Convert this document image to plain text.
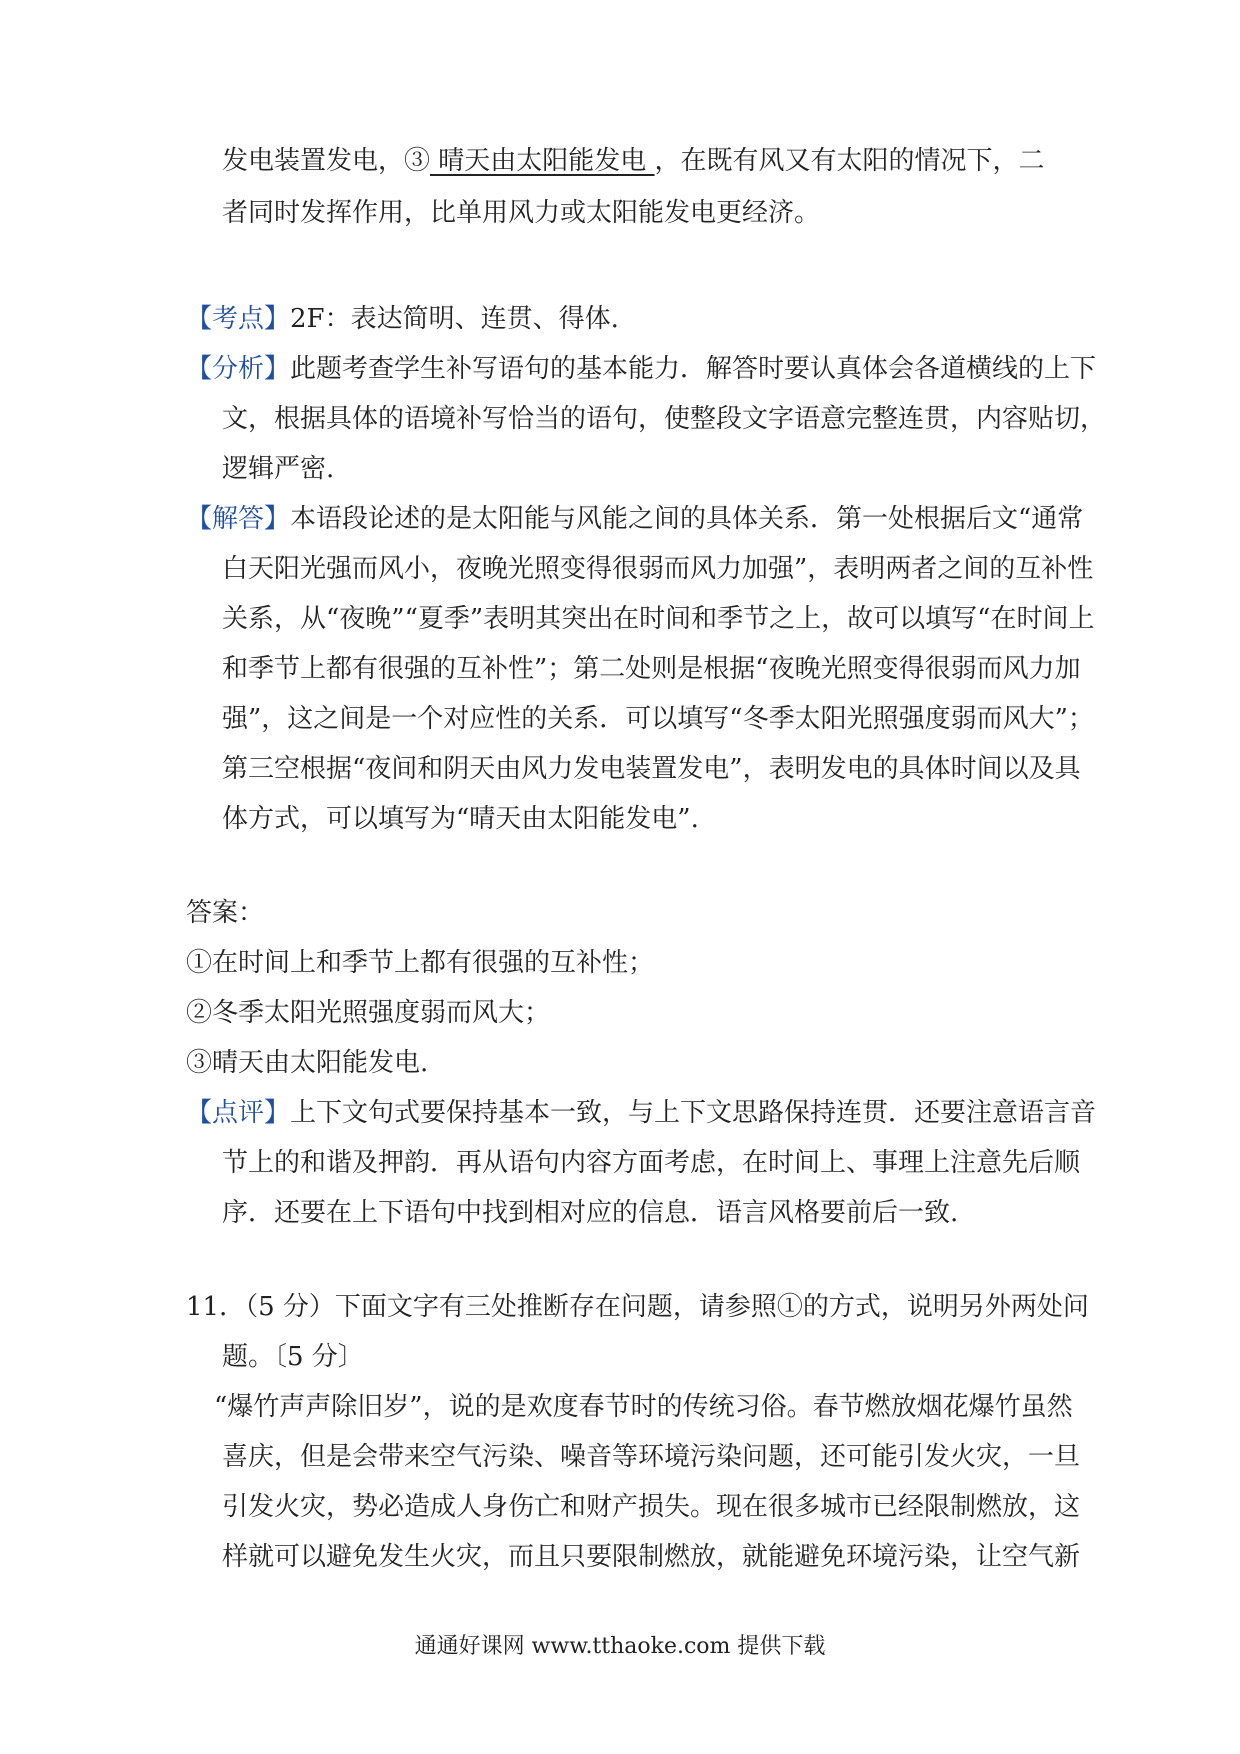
发电装置发电，③ 晴天由太阳能发电 ，在既有风又有太阳的情况下，二
者同时发挥作用，比单用风力或太阳能发电更经济。
【考点】2F：表达简明、连贯、得体.
【分析】此题考查学生补写语句的基本能力．解答时要认真体会各道横线的上下
文，根据具体的语境补写恰当的语句，使整段文字语意完整连贯，内容贴切，
逻辑严密.
【解答】本语段论述的是太阳能与风能之间的具体关系．第一处根据后文“通常
白天阳光强而风小，夜晚光照变得很弱而风力加强”，表明两者之间的互补性
关系，从“夜晚”“夏季”表明其突出在时间和季节之上，故可以填写“在时间上
和季节上都有很强的互补性”；第二处则是根据“夜晚光照变得很弱而风力加
强”，这之间是一个对应性的关系．可以填写“冬季太阳光照强度弱而风大”；
第三空根据“夜间和阴天由风力发电装置发电”，表明发电的具体时间以及具
体方式，可以填写为“晴天由太阳能发电”.
答案：
①在时间上和季节上都有很强的互补性；
②冬季太阳光照强度弱而风大；
③晴天由太阳能发电.
【点评】上下文句式要保持基本一致，与上下文思路保持连贯．还要注意语言音
节上的和谐及押韵．再从语句内容方面考虑，在时间上、事理上注意先后顺
序．还要在上下语句中找到相对应的信息．语言风格要前后一致.
11．（5 分）下面文字有三处推断存在问题，请参照①的方式，说明另外两处问
题。〔5 分〕
“爆竹声声除旧岁”，说的是欢度春节时的传统习俗。春节燃放烟花爆竹虽然
喜庆，但是会带来空气污染、噪音等环境污染问题，还可能引发火灾，一旦
引发火灾，势必造成人身伤亡和财产损失。现在很多城市已经限制燃放，这
样就可以避免发生火灾，而且只要限制燃放，就能避免环境污染，让空气新
通通好课网 www.tthaoke.com 提供下载
